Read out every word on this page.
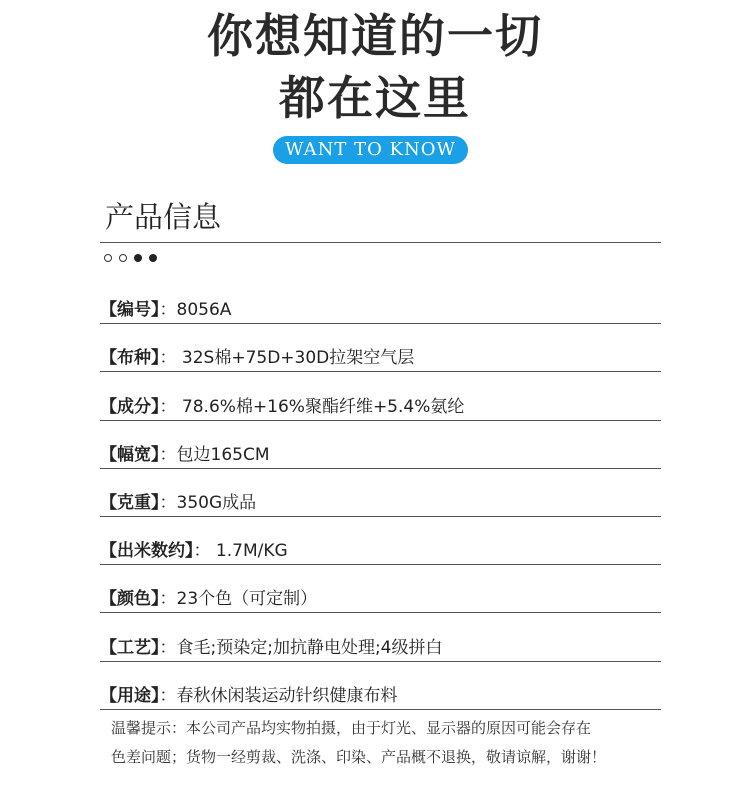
你想知道的一切
都在这里
WANT TO KNOW
产品信息
【编号】：8056A
【布种】： 32S棉+75D+30D拉架空气层
【成分】： 78.6%棉+16%聚酯纤维+5.4%氨纶
【幅宽】：包边165CM
【克重】：350G成品
【出米数约】： 1.7M/KG
【颜色】：23个色（可定制）
【工艺】：食毛;预染定;加抗静电处理;4级拼白
【用途】：春秋休闲装运动针织健康布料
温馨提示：本公司产品均实物拍摄，由于灯光、显示器的原因可能会存在
色差问题；货物一经剪裁、洗涤、印染、产品概不退换，敬请谅解，谢谢！
